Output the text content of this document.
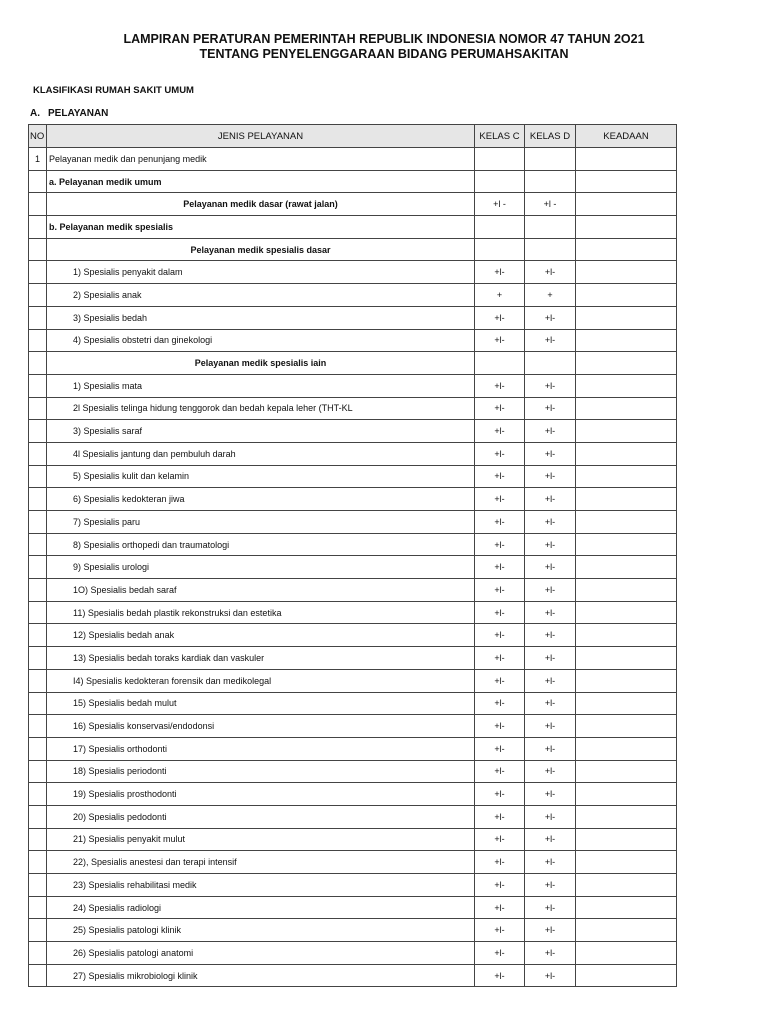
LAMPIRAN PERATURAN PEMERINTAH REPUBLIK INDONESIA NOMOR 47 TAHUN 2O21
TENTANG PENYELENGGARAAN BIDANG PERUMAHSAKITAN
KLASIFIKASI RUMAH SAKIT UMUM
A. PELAYANAN
NO	JENIS PELAYANAN	KELAS C	KELAS D	KEADAAN
1	Pelayanan medik dan penunjang medik			
	a. Pelayanan medik umum			
	Pelayanan medik dasar (rawat jalan)	+l -	+l -	
	b. Pelayanan medik spesialis			
	Pelayanan medik spesialis dasar			
	1) Spesialis penyakit dalam	+l-	+l-	
	2) Spesialis anak	+	+	
	3) Spesialis bedah	+l-	+l-	
	4) Spesialis obstetri dan ginekologi	+l-	+l-	
	Pelayanan medik spesialis iain			
	1) Spesialis mata	+l-	+l-	
	2l Spesialis telinga hidung tenggorok dan bedah kepala leher (THT-KL	+l-	+l-	
	3) Spesialis saraf	+l-	+l-	
	4l Spesialis jantung dan pembuluh darah	+l-	+l-	
	5) Spesialis kulit dan kelamin	+l-	+l-	
	6) Spesialis kedokteran jiwa	+l-	+l-	
	7) Spesialis paru	+l-	+l-	
	8) Spesialis orthopedi dan traumatologi	+l-	+l-	
	9) Spesialis urologi	+l-	+l-	
	1O) Spesialis bedah saraf	+l-	+l-	
	11) Spesialis bedah plastik rekonstruksi dan estetika	+l-	+l-	
	12) Spesialis bedah anak	+l-	+l-	
	13) Spesialis bedah toraks kardiak dan vaskuler	+l-	+l-	
	I4) Spesialis kedokteran forensik dan medikolegal	+l-	+l-	
	15) Spesialis bedah mulut	+l-	+l-	
	16) Spesialis konservasi/endodonsi	+l-	+l-	
	17) Spesialis orthodonti	+l-	+l-	
	18) Spesialis periodonti	+l-	+l-	
	19) Spesialis prosthodonti	+l-	+l-	
	20) Spesialis pedodonti	+l-	+l-	
	21) Spesialis penyakit mulut	+l-	+l-	
	22), Spesialis anestesi dan terapi intensif	+l-	+l-	
	23) Spesialis rehabilitasi medik	+l-	+l-	
	24) Spesialis radiologi	+l-	+l-	
	25) Spesialis patologi klinik	+l-	+l-	
	26) Spesialis patologi anatomi	+l-	+l-	
	27) Spesialis mikrobiologi klinik	+l-	+l-	
